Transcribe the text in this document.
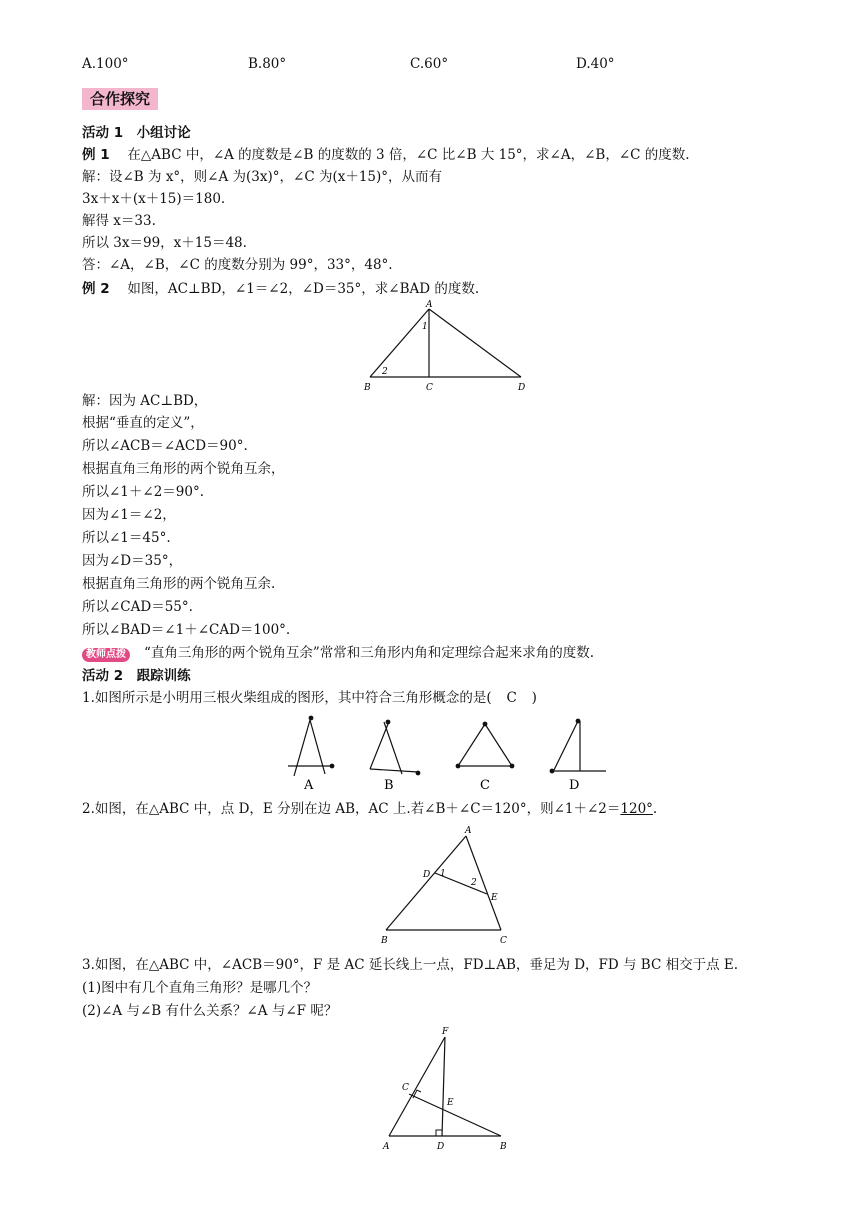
A.100°	B.80°	C.60°	D.40°
合作探究
活动 1　小组讨论
例 1　 在△ABC 中，∠A 的度数是∠B 的度数的 3 倍，∠C 比∠B 大 15°，求∠A，∠B，∠C 的度数.
解：设∠B 为 x°，则∠A 为(3x)°，∠C 为(x＋15)°，从而有
3x＋x＋(x＋15)＝180.
解得 x＝33.
所以 3x＝99，x＋15＝48.
答：∠A，∠B，∠C 的度数分别为 99°，33°，48°.
例 2　 如图，AC⊥BD，∠1＝∠2，∠D＝35°，求∠BAD 的度数.
A
B	C	D
1
2
解：因为 AC⊥BD，
根据“垂直的定义”，
所以∠ACB＝∠ACD＝90°.
根据直角三角形的两个锐角互余，
所以∠1＋∠2＝90°.
因为∠1＝∠2，
所以∠1＝45°.
因为∠D＝35°，
根据直角三角形的两个锐角互余.
所以∠CAD＝55°.
所以∠BAD＝∠1＋∠CAD＝100°.
教师点拨 “直角三角形的两个锐角互余”常常和三角形内角和定理综合起来求角的度数.
活动 2　跟踪训练
1.如图所示是小明用三根火柴组成的图形，其中符合三角形概念的是( C )
A	B	C	D
2.如图，在△ABC 中，点 D，E 分别在边 AB，AC 上.若∠B＋∠C＝120°，则∠1＋∠2＝120°.
A
B	C
D
E
1
2
3.如图，在△ABC 中，∠ACB＝90°，F 是 AC 延长线上一点，FD⊥AB，垂足为 D，FD 与 BC 相交于点 E.
(1)图中有几个直角三角形？是哪几个？
(2)∠A 与∠B 有什么关系？∠A 与∠F 呢？
F
C
E
A	D	B
